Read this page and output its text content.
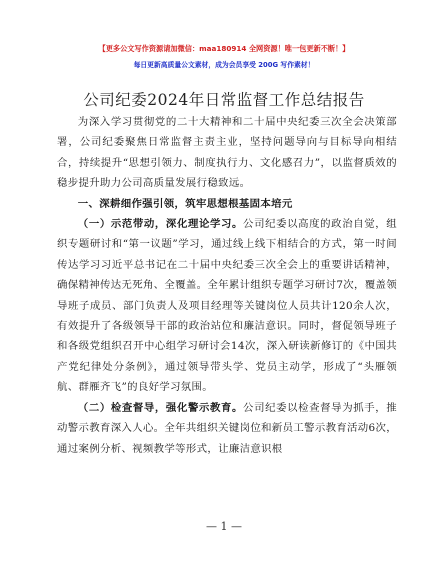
【更多公文写作资源请加微信：maa180914 全网资源！唯一包更新不断！】
每日更新高质量公文素材，成为会员享受 200G 写作素材！
公司纪委2024年日常监督工作总结报告

为深入学习贯彻党的二十大精神和二十届中央纪委三次全会决策部署，公司纪委聚焦日常监督主责主业，坚持问题导向与目标导向相结合，持续提升“思想引领力、制度执行力、文化感召力”，以监督质效的稳步提升助力公司高质量发展行稳致远。

一、深耕细作强引领，筑牢思想根基固本培元

（一）示范带动，深化理论学习。公司纪委以高度的政治自觉，组织专题研讨和“第一议题”学习，通过线上线下相结合的方式，第一时间传达学习习近平总书记在二十届中央纪委三次全会上的重要讲话精神，确保精神传达无死角、全覆盖。全年累计组织专题学习研讨7次，覆盖领导班子成员、部门负责人及项目经理等关键岗位人员共计120余人次，有效提升了各级领导干部的政治站位和廉洁意识。同时，督促领导班子和各级党组织召开中心组学习研讨会14次，深入研读新修订的《中国共产党纪律处分条例》，通过领导带头学、党员主动学，形成了“头雁领航、群雁齐飞”的良好学习氛围。

（二）检查督导，强化警示教育。公司纪委以检查督导为抓手，推动警示教育深入人心。全年共组织关键岗位和新员工警示教育活动6次，通过案例分析、视频教学等形式，让廉洁意识根

— 1 —
